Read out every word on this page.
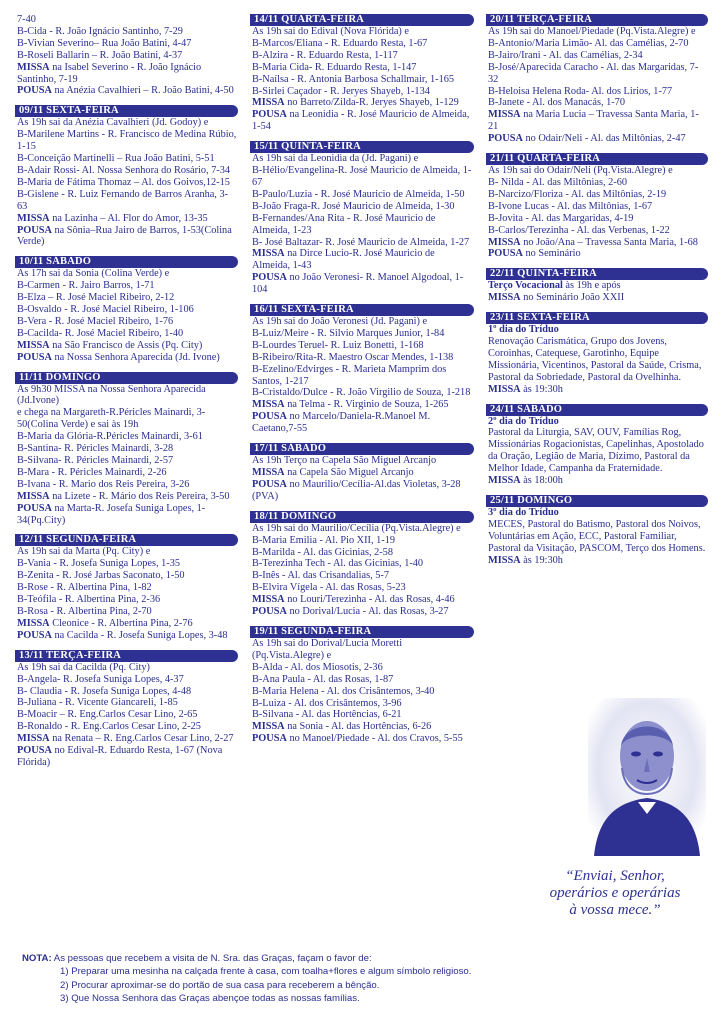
7-40
B-Cida - R. João Ignácio Santinho, 7-29
B-Vivian Severino– Rua João Batini, 4-47
B-Roseli Ballarin – R. João Batini, 4-37
MISSA na Isabel Severino - R. João Ignácio Santinho, 7-19
POUSA na Anézia Cavalhieri – R. João Batini, 4-50
09/11 SEXTA-FEIRA
Às 19h sai da Anézia Cavalhieri (Jd. Godoy) e
B-Marilene Martins - R. Francisco de Medina Rúbio, 1-15
B-Conceição Martinelli – Rua João Batini, 5-51
B-Adair Rossi- Al. Nossa Senhora do Rosário, 7-34
B-Maria de Fátima Thomaz – Al. dos Goivos,12-15
B-Gislene - R. Luiz Fernando de Barros Aranha, 3-63
MISSA na Lazinha – Al. Flor do Amor, 13-35
POUSA na Sônia–Rua Jairo de Barros, 1-53(Colina Verde)
10/11 SÁBADO
As 17h sai da Sonia (Colina Verde) e
B-Carmen - R. Jairo Barros, 1-71
B-Elza – R. José Maciel Ribeiro, 2-12
B-Osvaldo - R. José Maciel Ribeiro, 1-106
B-Vera - R. José Maciel Ribeiro, 1-76
B-Cacilda- R. José Maciel Ribeiro, 1-40
MISSA na São Francisco de Assis (Pq. City)
POUSA na Nossa Senhora Aparecida (Jd. Ivone)
11/11 DOMINGO
As 9h30 MISSA na Nossa Senhora Aparecida (Jd.Ivone)
e chega na Margareth-R.Péricles Mainardi, 3-50(Colina Verde) e sai às 19h
B-Maria da Glória-R.Péricles Mainardi, 3-61
B-Santina- R. Péricles Mainardi, 3-28
B-Silvana- R. Péricles Mainardi, 2-57
B-Mara - R. Péricles Mainardi, 2-26
B-Ivana - R. Mario dos Reis Pereira, 3-26
MISSA na Lizete - R. Mário dos Reis Pereira, 3-50
POUSA na Marta-R. Josefa Suniga Lopes, 1-34(Pq.City)
12/11 SEGUNDA-FEIRA
As 19h sai da Marta (Pq. City) e
B-Vania - R. Josefa Suniga Lopes, 1-35
B-Zenita - R. José Jarbas Saconato, 1-50
B-Rose - R. Albertina Pina, 1-82
B-Teófila - R. Albertina Pina, 2-36
B-Rosa - R. Albertina Pina, 2-70
MISSA Cleonice - R. Albertina Pina, 2-76
POUSA na Cacilda - R. Josefa Suniga Lopes, 3-48
13/11 TERÇA-FEIRA
As 19h sai da Cacilda (Pq. City)
B-Angela- R. Josefa Suniga Lopes, 4-37
B- Claudia - R. Josefa Suniga Lopes, 4-48
B-Juliana - R. Vicente Giancareli, 1-85
B-Moacir – R. Eng.Carlos Cesar Lino, 2-65
B-Ronaldo - R. Eng.Carlos Cesar Lino, 2-25
MISSA na Renata – R. Eng.Carlos Cesar Lino, 2-27
POUSA no Edival-R. Eduardo Resta, 1-67 (Nova Flórida)
14/11 QUARTA-FEIRA
As 19h sai do Edival (Nova Flórida) e
B-Marcos/Eliana - R. Eduardo Resta, 1-67
B-Alzira - R. Eduardo Resta, 1-117
B-Maria Cida- R. Eduardo Resta, 1-147
B-Naílsa - R. Antonia Barbosa Schallmair, 1-165
B-Sirlei Caçador - R. Jeryes Shayeb, 1-134
MISSA no Barreto/Zilda-R. Jeryes Shayeb, 1-129
POUSA na Leonidia - R. José Mauricio de Almeida, 1-54
15/11 QUINTA-FEIRA
As 19h sai da Leonidia da (Jd. Pagani) e
B-Hélio/Evangelina-R. José Mauricio de Almeida, 1-67
B-Paulo/Luzia - R. José Mauricio de Almeida, 1-50
B-João Fraga-R. José Mauricio de Almeida, 1-30
B-Fernandes/Ana Rita - R. José Mauricio de Almeida, 1-23
B- José Baltazar- R. José Mauricio de Almeida, 1-27
MISSA na Dirce Lucio-R. José Mauricio de Almeida, 1-43
POUSA no João Veronesi- R. Manoel Algodoal, 1-104
16/11 SEXTA-FEIRA
As 19h sai do João Veronesi (Jd. Pagani) e
B-Luiz/Meire - R. Silvio Marques Junior, 1-84
B-Lourdes Teruel- R. Luiz Bonetti, 1-168
B-Ribeiro/Rita-R. Maestro Oscar Mendes, 1-138
B-Ezelino/Edvirges - R. Marieta Mamprim dos Santos, 1-217
B-Cristaldo/Dulce - R. João Virgilio de Souza, 1-218
MISSA na Telma - R. Virginio de Souza, 1-265
POUSA no Marcelo/Daniela-R.Manoel M. Caetano,7-55
17/11 SÁBADO
As 19h Terço na Capela São Miguel Arcanjo
MISSA na Capela São Miguel Arcanjo
POUSA no Maurilio/Cecília-Al.das Violetas, 3-28 (PVA)
18/11 DOMINGO
As 19h sai do Maurilio/Cecília (Pq.Vista.Alegre) e
B-Maria Emilia - Al. Pio XII, 1-19
B-Marilda - Al. das Gicinias, 2-58
B-Terezinha Tech - Al. das Gicinias, 1-40
B-Inês - Al. das Crisandalias, 5-7
B-Elvira Vígela - Al. das Rosas, 5-23
MISSA no Louri/Terezinha - Al. das Rosas, 4-46
POUSA no Dorival/Lucia - Al. das Rosas, 3-27
19/11 SEGUNDA-FEIRA
As 19h sai do Dorival/Lucia Moretti (Pq.Vista.Alegre) e
B-Alda - Al. dos Miosotis, 2-36
B-Ana Paula - Al. das Rosas, 1-87
B-Maria Helena - Al. dos Crisântemos, 3-40
B-Luiza - Al. dos Crisântemos, 3-96
B-Silvana - Al. das Hortências, 6-21
MISSA na Sonia - Al. das Hortências, 6-26
POUSA no Manoel/Piedade - Al. dos Cravos, 5-55
20/11 TERÇA-FEIRA
As 19h sai do Manoel/Piedade (Pq.Vista.Alegre) e
B-Antonio/Maria Limão- Al. das Camélias, 2-70
B-Jairo/Irani - Al. das Camélias, 2-34
B-José/Aparecida Caracho - Al. das Margaridas, 7-32
B-Heloisa Helena Roda- Al. dos Lirios, 1-77
B-Janete - Al. dos Manacás, 1-70
MISSA na Maria Lucia – Travessa Santa Maria, 1-21
POUSA no Odair/Neli - Al. das Miltônias, 2-47
21/11 QUARTA-FEIRA
As 19h sai do Odair/Neli (Pq.Vista.Alegre) e
B- Nilda - Al. das Miltônias, 2-60
B-Narcizo/Floriza - Al. das Miltônias, 2-19
B-Ivone Lucas - Al. das Miltônias, 1-67
B-Jovita - Al. das Margaridas, 4-19
B-Carlos/Terezinha - Al. das Verbenas, 1-22
MISSA no João/Ana – Travessa Santa Maria, 1-68
POUSA no Seminário
22/11 QUINTA-FEIRA
Terço Vocacional às 19h e após
MISSA no Seminário João XXII
23/11 SEXTA-FEIRA
1º dia do Tríduo
Renovação Carismática, Grupo dos Jovens, Coroinhas, Catequese, Garotinho, Equipe Missionária, Vicentinos, Pastoral da Saúde, Crisma, Pastoral da Sobriedade, Pastoral da Ovelhinha.
MISSA às 19:30h
24/11 SÁBADO
2º dia do Tríduo
Pastoral da Liturgia, SAV, OUV, Famílias Rog, Missionárias Rogacionistas, Capelinhas, Apostolado da Oração, Legião de Maria, Dízimo, Pastoral da Melhor Idade, Campanha da Fraternidade.
MISSA às 18:00h
25/11 DOMINGO
3º dia do Tríduo
MECES, Pastoral do Batismo, Pastoral dos Noivos, Voluntárias em Ação, ECC, Pastoral Familiar, Pastoral da Visitação, PASCOM, Terço dos Homens.
MISSA às 19:30h
“Enviai, Senhor,
operários e operárias
à vossa mece.”
NOTA: As pessoas que recebem a visita de N. Sra. das Graças, façam o favor de:
1) Preparar uma mesinha na calçada frente à casa, com toalha+flores e algum símbolo religioso.
2) Procurar aproximar-se do portão de sua casa para receberem a bênção.
3) Que Nossa Senhora das Graças abençoe todas as nossas famílias.
